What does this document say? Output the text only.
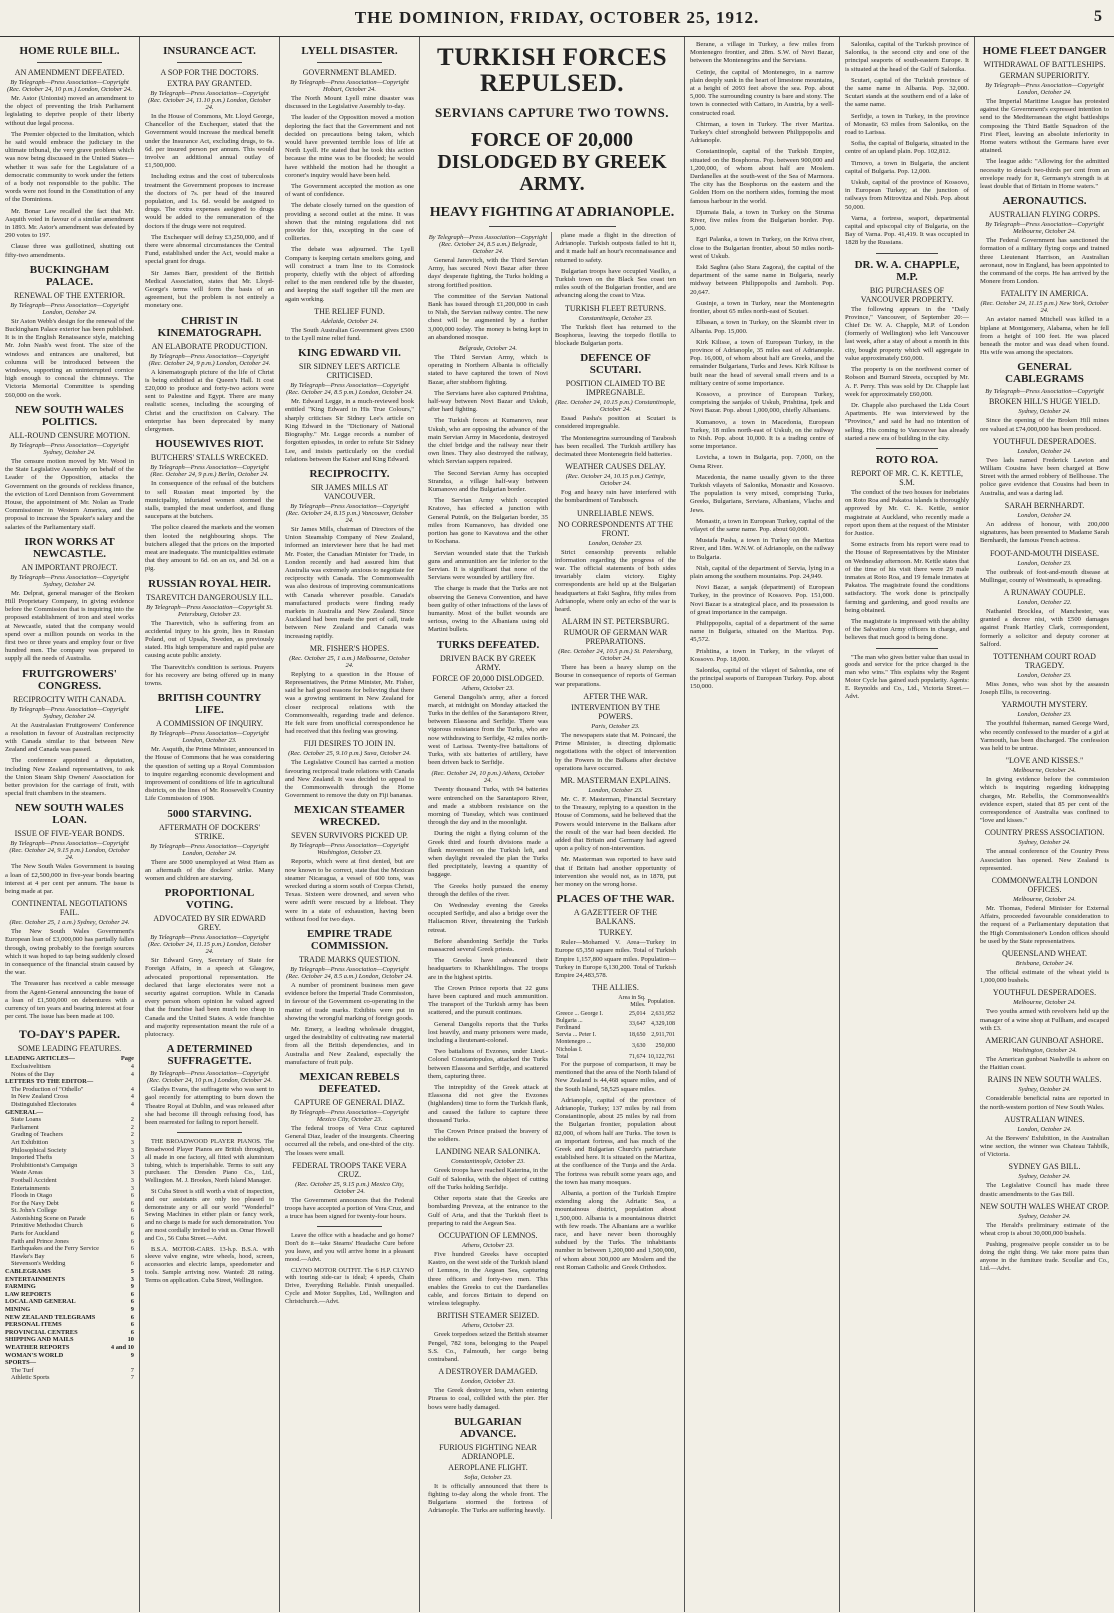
THE DOMINION, FRIDAY, OCTOBER 25, 1912.	5
HOME RULE BILL.
AN AMENDMENT DEFEATED.
By Telegraph—Press Association—Copyright (Rec. October 24, 10 p.m.) London, October 24.

Mr. Astor (Unionist) moved an amendment to the object of preventing the Irish Parliament legislating to deprive people of their liberty without due legal process.

The Premier objected to the limitation, which he said would embrace the judiciary in the ultimate tribunal, the very grave problem which was now being discussed in the United States—whether it was safe for the Legislature of a democratic community to work under the fetters of a body not responsible to the public. The words were not found in the Constitution of any of the Dominions.

Mr. Bonar Law recalled the fact that Mr. Asquith voted in favour of a similar amendment in 1893. Mr. Astor's amendment was defeated by 290 votes to 197.

Clause three was guillotined, shutting out fifty-two amendments.

BUCKINGHAM PALACE.
RENEWAL OF THE EXTERIOR.
By Telegraph—Press Association—Copyright London, October 24.

Sir Aston Webb's design for the renewal of the Buckingham Palace exterior has been published. It is in the English Renaissance style, matching Mr. John Nash's west front. The size of the windows and entrances are unaltered, but columns will be introduced between the windows, supporting an uninterrupted cornice high enough to conceal the chimneys. The Victoria Memorial Committee is spending £60,000 on the work.

NEW SOUTH WALES POLITICS.
ALL-ROUND CENSURE MOTION.
By Telegraph—Press Association—Copyright Sydney, October 24.

The censure motion moved by Mr. Wood in the State Legislative Assembly on behalf of the Leader of the Opposition, attacks the Government on the grounds of reckless finance, the eviction of Lord Dennison from Government House, the appointment of Mr. Nolan as Trade Commissioner in Western America, and the proposal to increase the Speaker's salary and the salaries of the Parliamentary staff.

IRON WORKS AT NEWCASTLE.
AN IMPORTANT PROJECT.
By Telegraph—Press Association—Copyright Sydney, October 24.

Mr. Delprat, general manager of the Broken Hill Proprietary Company, in giving evidence before the Commission that is inquiring into the proposed establishment of iron and steel works at Newcastle, stated that the company would spend over a million pounds on works in the first two or three years and employ four or five hundred men. The company was prepared to supply all the needs of Australia.

FRUITGROWERS' CONGRESS.
RECIPROCITY WITH CANADA.
By Telegraph—Press Association—Copyright Sydney, October 24.

At the Australasian Fruitgrowers' Conference a resolution in favour of Australian reciprocity with Canada similar to that between New Zealand and Canada was passed.

The conference appointed a deputation, including New Zealand representatives, to ask the Union Steam Ship Owners' Association for better provision for the carriage of fruit, with special fruit chambers in the steamers.

NEW SOUTH WALES LOAN.
ISSUE OF FIVE-YEAR BONDS.
By Telegraph—Press Association—Copyright (Rec. October 24, 9.15 p.m.) London, October 24.

The New South Wales Government is issuing a loan of £2,500,000 in five-year bonds bearing interest at 4 per cent per annum. The issue is being made at par.

CONTINENTAL NEGOTIATIONS FAIL.
(Rec. October 25, 1 a.m.) Sydney, October 24.

The New South Wales Government's European loan of £3,000,000 has partially fallen through, owing probably to the foreign sources which it was hoped to tap being suddenly closed in consequence of the financial strain caused by the war.

The Treasurer has received a cable message from the Agent-General announcing the issue of a loan of £1,500,000 on debentures with a currency of ten years and bearing interest at four per cent. The issue has been made at 100.

TO-DAY'S PAPER.
SOME LEADING FEATURES.
LEADING ARTICLES—	Page
Exclusivelitism	4
Notes of the Day	4
LETTERS TO THE EDITOR—
The Production of "Othello"	4
In New Zealand Cross	4
Distinguished Electorates	4
GENERAL—
State Loans	2
Parliament	2
Grading of Teachers	2
Art Exhibition	3
Philosophical Society	3
Imported Thefts	3
Prohibitionist's Campaign	3
Waste Areas	3
Football Accident	3
Entertainments	3
Floods in Otago	6
For the Navy Debt	6
St. John's College	6
Astonishing Scene on Parade	6
Primitive Methodist Church	6
Paris for Auckland	6
Faith and Prince Jones	6
Earthquakes and the Ferry Service	6
Hawke's Bay	6
Stevenson's Wedding	6
CABLEGRAMS	5
ENTERTAINMENTS	3
FARMING	9
LAW REPORTS	6
LOCAL AND GENERAL	6
MINING	9
NEW ZEALAND TELEGRAMS	6
PERSONAL ITEMS	6
PROVINCIAL CENTRES	6
SHIPPING AND MAILS	10
WEATHER REPORTS	4 and 10
WOMAN'S WORLD	9
SPORTS—
The Turf	7
Athletic Sports	7
INSURANCE ACT.
A SOP FOR THE DOCTORS.
EXTRA PAY GRANTED.
By Telegraph—Press Association—Copyright (Rec. October 24, 11.10 p.m.) London, October 24.

In the House of Commons, Mr. Lloyd George, Chancellor of the Exchequer, stated that the Government would increase the medical benefit under the Insurance Act, excluding drugs, to 6s. 6d. per insured person per annum. This would involve an additional annual outlay of £1,500,000.

Including extras and the cost of tuberculosis treatment the Government proposes to increase the doctors of 7s. per head of the insured population, and 1s. 6d. would be assigned to drugs. The extra expenses assigned to drugs would be added to the remuneration of the doctors if the drugs were not required.

The Exchequer will defray £3,250,000, and if there were abnormal circumstances the Central Fund, established under the Act, would make a special grant for drugs.

Sir James Barr, president of the British Medical Association, states that Mr. Lloyd-George's terms will form the basis of an agreement, but the problem is not entirely a monetary one.

CHRIST IN KINEMATOGRAPH.
AN ELABORATE PRODUCTION.
By Telegraph—Press Association—Copyright (Rec. October 24, 9 p.m.) London, October 24.

A kinematograph picture of the life of Christ is being exhibited at the Queen's Hall. It cost £20,000 to produce and forty-two actors were sent to Palestine and Egypt. There are many realistic scenes, including the scourging of Christ and the crucifixion on Calvary. The enterprise has been deprecated by many clergymen.

HOUSEWIVES RIOT.
BUTCHERS' STALLS WRECKED.
By Telegraph—Press Association—Copyright (Rec. October 24, 9 p.m.) Berlin, October 24.

In consequence of the refusal of the butchers to sell Russian meat imported by the municipality, infuriated women stormed the stalls, trampled the meat underfoot, and flung saucepans at the butchers.

The police cleared the markets and the women then looted the neighbouring shops. The butchers alleged that the prices on the imported meat are inadequate. The municipalities estimate that they amount to 6d. on an ox, and 3d. on a pig.

RUSSIAN ROYAL HEIR.
TSAREVITCH DANGEROUSLY ILL.
By Telegraph—Press Association—Copyright St. Petersburg, October 23.

The Tsarevitch, who is suffering from an accidental injury to his groin, lies in Russian Poland, out of Upsala, Sweden, as previously stated. His high temperature and rapid pulse are causing acute public anxiety.

The Tsarevitch's condition is serious. Prayers for his recovery are being offered up in many towns.

BRITISH COUNTRY LIFE.
A COMMISSION OF INQUIRY.
By Telegraph—Press Association—Copyright London, October 23.

Mr. Asquith, the Prime Minister, announced in the House of Commons that he was considering the question of setting up a Royal Commission to inquire regarding economic development and improvement of conditions of life in agricultural districts, on the lines of Mr. Roosevelt's Country Life Commission of 1908.

5000 STARVING.
AFTERMATH OF DOCKERS' STRIKE.
By Telegraph—Press Association—Copyright London, October 24.

There are 5000 unemployed at West Ham as an aftermath of the dockers' strike. Many women and children are starving.

PROPORTIONAL VOTING.
ADVOCATED BY SIR EDWARD GREY.
By Telegraph—Press Association—Copyright (Rec. October 24, 11.15 p.m.) London, October 24.

Sir Edward Grey, Secretary of State for Foreign Affairs, in a speech at Glasgow, advocated proportional representation. He declared that large electorates were not a security against corruption. While in Canada every person whom opinion he valued agreed that the franchise had been much too cheap in Canada and the United States. A wide franchise and majority representation meant the rule of a plutocracy.

A DETERMINED SUFFRAGETTE.
By Telegraph—Press Association—Copyright (Rec. October 24, 10 p.m.) London, October 24.

Gladys Evans, the suffragette who was sent to gaol recently for attempting to burn down the Theatre Royal at Dublin, and was released after she had become ill through refusing food, has been rearrested for failing to report herself.

THE BROADWOOD PLAYER PIANOS. The Broadwood Player Pianos are British throughout, all made in one factory, all fitted with aluminium tubing, which is imperishable. Terms to suit any purchaser. The Dresden Piano Co., Ltd., Wellington. M. J. Brookes, North Island Manager.

St Cuba Street is still worth a visit of inspection, and our assistants are only too pleased to demonstrate any or all our world "Wonderful" Sewing Machines in either plain or fancy work, and no charge is made for such demonstration. You are most cordially invited to visit us. Omar Howell and Co., 56 Cuba Street.—Advt.

B.S.A. MOTOR-CARS. 13-h.p. B.S.A. with sleeve valve engine, wire wheels, hood, screen, accessories and electric lamps, speedometer and tools. Sample arriving now. Wanted: 28 rating. Terms on application. Cuba Street, Wellington.

LYELL DISASTER.
GOVERNMENT BLAMED.
By Telegraph—Press Association—Copyright Hobart, October 24.

The North Mount Lyell mine disaster was discussed in the Legislative Assembly to-day.

The leader of the Opposition moved a motion deploring the fact that the Government and not decided on precautions being taken, which would have prevented terrible loss of life at North Lyell. He stated that he took this action because the mine was to be flooded; he would have withheld the motion had he thought a coroner's inquiry would have been held.

The Government accepted the motion as one of want of confidence.

The debate closely turned on the question of providing a second outlet at the mine. It was shown that the mining regulations did not provide for this, excepting in the case of collieries.

The debate was adjourned. The Lyell Company is keeping certain smelters going, and will construct a tram line to its Comstock property, chiefly with the object of affording relief to the men rendered idle by the disaster, and keeping the staff together till the men are again working.

THE RELIEF FUND.
Adelaide, October 24.

The South Australian Government gives £500 to the Lyell mine relief fund.

KING EDWARD VII.
SIR SIDNEY LEE'S ARTICLE CRITICISED.
By Telegraph—Press Association—Copyright (Rec. October 24, 8.5 p.m.) London, October 24.

Mr. Edward Legge, in a much-reviewed book entitled "King Edward in His True Colours," sharply criticises Sir Sidney Lee's article on King Edward in the "Dictionary of National Biography." Mr. Legge records a number of forgotten episodes, in order to refute Sir Sidney Lee, and insists particularly on the cordial relations between the Kaiser and King Edward.

RECIPROCITY.
SIR JAMES MILLS AT VANCOUVER.
By Telegraph—Press Association—Copyright (Rec. October 24, 8.15 p.m.) Vancouver, October 24.

Sir James Mills, chairman of Directors of the Union Steamship Company of New Zealand, informed an interviewer here that he had met Mr. Foster, the Canadian Minister for Trade, in London recently and had assured him that Australia was extremely anxious to negotiate for reciprocity with Canada. The Commonwealth was also desirous of improving communications with Canada wherever possible. Canada's manufactured products were finding ready markets in Australia and New Zealand. Since Auckland had been made the port of call, trade between New Zealand and Canada was increasing rapidly.

MR. FISHER'S HOPES.
(Rec. October 25, 1 a.m.) Melbourne, October 24.

Replying to a question in the House of Representatives, the Prime Minister, Mr. Fisher, said he had good reasons for believing that there was a growing sentiment in New Zealand for closer reciprocal relations with the Commonwealth, regarding trade and defence. He felt sure from unofficial correspondence he had received that this feeling was growing.

FIJI DESIRES TO JOIN IN.
(Rec. October 25, 9.10 p.m.) Suva, October 24.

The Legislative Council has carried a motion favouring reciprocal trade relations with Canada and New Zealand. It was decided to appeal to the Commonwealth through the Home Government to remove the duty on Fiji bananas.

MEXICAN STEAMER WRECKED.
SEVEN SURVIVORS PICKED UP.
By Telegraph—Press Association—Copyright Washington, October 23.

Reports, which were at first denied, but are now known to be correct, state that the Mexican steamer Nicaragua, a vessel of 600 tons, was wrecked during a storm south of Corpus Christi, Texas. Sixteen were drowned, and seven who were adrift were rescued by a lifeboat. They were in a state of exhaustion, having been without food for two days.

EMPIRE TRADE COMMISSION.
TRADE MARKS QUESTION.
By Telegraph—Press Association—Copyright (Rec. October 24, 8.5 a.m.) London, October 24.

A number of prominent business men gave evidence before the Imperial Trade Commission, in favour of the Government co-operating in the matter of trade marks. Exhibits were put in showing the wrongful marking of foreign goods.

Mr. Emery, a leading wholesale druggist, urged the desirability of cultivating raw material from all the British dependencies, and in Australia and New Zealand, especially the manufacture of fruit pulp.

MEXICAN REBELS DEFEATED.
CAPTURE OF GENERAL DIAZ.
By Telegraph—Press Association—Copyright Mexico City, October 23.

The federal troops of Vera Cruz captured General Diaz, leader of the insurgents. Cheering occurred all the rebels, and one-third of the city. The losses were small.

FEDERAL TROOPS TAKE VERA CRUZ.
(Rec. October 25, 9.15 p.m.) Mexico City, October 24.

The Government announces that the Federal troops have accepted a portion of Vera Cruz, and a truce has been signed for twenty-four hours.

Leave the office with a headache and go home? Don't do it—take Stearns' Headache Cure before you leave, and you will arrive home in a pleasant mood.—Advt.

CLYNO MOTOR OUTFIT. The 6 H.P. CLYNO with touring side-car is ideal; 4 speeds, Chain Drive, Everything Reliable. Finish unequalled. Cycle and Motor Supplies, Ltd., Wellington and Christchurch.—Advt.

TURKISH FORCES REPULSED.
SERVIANS CAPTURE TWO TOWNS.
FORCE OF 20,000 DISLODGED BY GREEK ARMY.
HEAVY FIGHTING AT ADRIANOPLE.
By Telegraph—Press Association—Copyright (Rec. October 24, 8.5 a.m.) Belgrade, October 24.

General Janovitch, with the Third Servian Army, has secured Novi Bazar after three days' desperate fighting, the Turks holding a strong fortified position.

The committee of the Servian National Bank has issued through £1,200,000 in cash to Nish, the Servian railway centre. The new chest will be augmented by a further 3,000,000 today. The money is being kept in an abandoned mosque.

Belgrade, October 24.

The Third Servian Army, which is operating in Northern Albania is officially stated to have captured the town of Novi Bazar, after stubborn fighting.

The Servians have also captured Prishtina, half-way between Novi Bazar and Uskub, after hard fighting.

The Turkish forces at Kumanovo, near Uskub, who are opposing the advance of the main Servian Army in Macedonia, destroyed the chief bridge and the railway near their own lines. They also destroyed the railway, which Servian sappers repaired.

The Second Servian Army has occupied Strandza, a village half-way between Kumanovo and the Bulgarian border.

The Servian Army which occupied Kratovo, has effected a junction with General Putnik, on the Bulgarian border, 35 miles from Kumanovo, has divided one portion has gone to Kavatova and the other to Kochana.

Servian wounded state that the Turkish guns and ammunition are far inferior to the Servian. It is significant that none of the Servians were wounded by artillery fire.

The charge is made that the Turks are not observing the Geneva Convention, and have been guilty of other infractions of the laws of humanity. Most of the bullet wounds are serious, owing to the Albanians using old Martini bullets.

TURKS DEFEATED.
DRIVEN BACK BY GREEK ARMY.
FORCE OF 20,000 DISLODGED.
Athens, October 23.

General Dangolis's army, after a forced march, at midnight on Monday attacked the Turks in the defiles of the Sarantaporo River, between Elassona and Serfidje. There was vigorous resistance from the Turks, who are now withdrawing to Serfidje, 42 miles north-west of Larissa. Twenty-five battalions of Turks, with six batteries of artillery, have been driven back to Serfidje.

(Rec. October 24, 10 p.m.) Athens, October 24.

Twenty thousand Turks, with 94 batteries were entrenched on the Sarantaporo River, and made a stubborn resistance on the morning of Tuesday, which was continued through the day and in the moonlight.

During the night a flying column of the Greek third and fourth divisions made a flank movement on the Turkish left, and when daylight revealed the plan the Turks fled precipitately, leaving a quantity of baggage.

The Greeks hotly pursued the enemy through the defiles of the river.

On Wednesday evening the Greeks occupied Serfidje, and also a bridge over the Haliacmon River, threatening the Turkish retreat.

Before abandoning Serfidje the Turks massacred several Greek priests.

The Greeks have advanced their headquarters to Khankhilingos. The troops are in the highest spirits.

The Crown Prince reports that 22 guns have been captured and much ammunition. The transport of the Turkish army has been scattered, and the pursuit continues.

General Dangolis reports that the Turks lost heavily, and many prisoners were made, including a lieutenant-colonel.

Two battalions of Evzones, under Lieut.-Colonel Constantopulos, attacked the Turks between Elassona and Serfidje, and scattered them, capturing three.

The intrepidity of the Greek attack at Elassona did not give the Evzones (highlanders) time to form the Turkish flank, and caused the failure to capture three thousand Turks.

The Crown Prince praised the bravery of the soldiers.

LANDING NEAR SALONIKA.
Constantinople, October 23.

Greek troops have reached Katerina, in the Gulf of Salonika, with the object of cutting off the Turks holding Serfidje.

Other reports state that the Greeks are bombarding Preveza, at the entrance to the Gulf of Arta, and that the Turkish fleet is preparing to raid the Aegean Sea.

OCCUPATION OF LEMNOS.
Athens, October 23.

Five hundred Greeks have occupied Kastro, on the west side of the Turkish island of Lemnos, in the Aegean Sea, capturing three officers and forty-two men. This enables the Greeks to cut the Dardanelles cable, and forces Britain to depend on wireless telegraphy.

BRITISH STEAMER SEIZED.
Athens, October 23.

Greek torpedoes seized the British steamer Pengel, 782 tons, belonging to the Peapel S.S. Co., Falmouth, her cargo being contraband.

A DESTROYER DAMAGED.
London, October 23.

The Greek destroyer Iera, when entering Piraeus to coal, collided with the pier. Her bows were badly damaged.

BULGARIAN ADVANCE.
FURIOUS FIGHTING NEAR ADRIANOPLE.
AEROPLANE FLIGHT.
Sofia, October 23.

It is officially announced that there is fighting to-day along the whole front. The Bulgarians stormed the fortress of Adrianople. The Turks are suffering heavily.

plane made a flight in the direction of Adrianople. Turkish outposts failed to hit it, and it made half an hour's reconnaissance and returned to safety.

Bulgarian troops have occupied Vasilko, a Turkish town on the Black Sea coast ten miles south of the Bulgarian frontier, and are advancing along the coast to Viza.

TURKISH FLEET RETURNS.
Constantinople, October 23.

The Turkish fleet has returned to the Bosphorus, leaving the torpedo flotilla to blockade Bulgarian ports.

DEFENCE OF SCUTARI.
POSITION CLAIMED TO BE IMPREGNABLE.
(Rec. October 24, 10.15 p.m.) Constantinople, October 24.

Essad Pasha's position at Scutari is considered impregnable.

The Montenegrins surrounding of Tarabosh has been recalled. The Turkish artillery has decimated three Montenegrin field batteries.

WEATHER CAUSES DELAY.
(Rec. October 24, 10.15 p.m.) Cetinje, October 24.

Fog and heavy rain have interfered with the bombardment of Tarabosch.

UNRELIABLE NEWS.
NO CORRESPONDENTS AT THE FRONT.
London, October 23.

Strict censorship prevents reliable information regarding the progress of the war. The official statements of both sides invariably claim victory. Eighty correspondents are held up at the Bulgarian headquarters at Eski Saghra, fifty miles from Adrianople, where only an echo of the war is heard.

ALARM IN ST. PETERSBURG.
RUMOUR OF GERMAN WAR PREPARATIONS.
(Rec. October 24, 10.5 p.m.) St. Petersburg, October 24.

There has been a heavy slump on the Bourse in consequence of reports of German war preparations.

AFTER THE WAR.
INTERVENTION BY THE POWERS.
Paris, October 23.

The newspapers state that M. Poincaré, the Prime Minister, is directing diplomatic negotiations with the object of intervention by the Powers in the Balkans after decisive operations have occurred.

MR. MASTERMAN EXPLAINS.
London, October 23.

Mr. C. F. Masterman, Financial Secretary to the Treasury, replying to a question in the House of Commons, said he believed that the Powers would intervene in the Balkans after the result of the war had been decided. He added that Britain and Germany had agreed upon a policy of non-intervention.

Mr. Masterman was reported to have said that if Britain had another opportunity of intervention she would not, as in 1878, put her money on the wrong horse.

PLACES OF THE WAR.
A GAZETTEER OF THE BALKANS.
TURKEY.

Ruler—Mohamed V. Area—Turkey in Europe 65,350 square miles. Total of Turkish Empire 1,157,800 square miles. Population—Turkey in Europe 6,130,200. Total of Turkish Empire 24,483,578.

THE ALLIES.
	Area in Sq. Miles.	Population.
Greece ... George I.	25,014	2,631,952
Bulgaria ... Ferdinand	33,647	4,329,108
Servia ... Peter I.	18,650	2,911,701
Montenegro ... Nicholas I.	3,630	250,000
Total	71,674	10,122,761

For the purpose of comparison, it may be mentioned that the area of the North Island of New Zealand is 44,468 square miles, and of the South Island, 58,525 square miles.

Adrianople, capital of the province of Adrianople, Turkey; 137 miles by rail from Constantinople, about 25 miles by rail from the Bulgarian frontier, population about 82,000, of whom half are Turks. The town is an important fortress, and has much of the Greek and Bulgarian Church's patriarchate established here. It is situated on the Maritza, at the confluence of the Tunja and the Arda. The fortress was rebuilt some years ago, and the town has many mosques.

Albania, a portion of the Turkish Empire extending along the Adriatic Sea, a mountainous district, population about 1,500,000. Albania is a mountainous district with few roads. The Albanians are a warlike race, and have never been thoroughly subdued by the Turks. The inhabitants number in between 1,200,000 and 1,500,000, of whom about 300,000 are Moslem and the rest Roman Catholic and Greek Orthodox.

Berane, a village in Turkey, a few miles from Montenegro frontier, and 28m. S.W. of Novi Bazar, between the Montenegrins and the Servians.

Cetinje, the capital of Montenegro, in a narrow plain deeply sunk in the heart of limestone mountains, at a height of 2093 feet above the sea. Pop. about 5,000. The surrounding country is bare and stony. The town is connected with Cattaro, in Austria, by a well-constructed road.

Chirman, a town in Turkey. The river Maritza. Turkey's chief stronghold between Philippopolis and Adrianople.

Constantinople, capital of the Turkish Empire, situated on the Bosphorus. Pop. between 900,000 and 1,200,000, of whom about half are Moslem. Dardanelles at the south-west of the Sea of Marmora. The city has the Bosphorus on the eastern and the Golden Horn on the northern sides, forming the most famous harbour in the world.

Djumaia Bala, a town in Turkey on the Struma River, five miles from the Bulgarian border. Pop. 5,000.

Egri Palanka, a town in Turkey, on the Kriva river, close to the Bulgarian frontier, about 50 miles north-west of Uskub.

Eski Saghra (also Stara Zagora), the capital of the department of the same name in Bulgaria, nearly midway between Philippopolis and Jamboli. Pop. 20,647.

Gusinje, a town in Turkey, near the Montenegrin frontier, about 65 miles north-east of Scutari.

Elbasan, a town in Turkey, on the Skumbi river in Albania. Pop. 15,000.

Kirk Kilisse, a town of European Turkey, in the province of Adrianople, 35 miles east of Adrianople. Pop. 16,000, of whom about half are Greeks, and the remainder Bulgarians, Turks and Jews. Kirk Kilisse is built near the head of several small rivers and is a military centre of some importance.

Kossovo, a province of European Turkey, comprising the sanjaks of Uskub, Prishtina, Ipek and Novi Bazar. Pop. about 1,000,000, chiefly Albanians.

Kumanovo, a town in Macedonia, European Turkey, 18 miles north-east of Uskub, on the railway to Nish. Pop. about 10,000. It is a trading centre of some importance.

Lovtcha, a town in Bulgaria, pop. 7,000, on the Osma River.

Macedonia, the name usually given to the three Turkish vilayets of Salonika, Monastir and Kossovo. The population is very mixed, comprising Turks, Greeks, Bulgarians, Servians, Albanians, Vlachs and Jews.

Monastir, a town in European Turkey, capital of the vilayet of the same name. Pop. about 60,000.

Mustafa Pasha, a town in Turkey on the Maritza River, and 18m. W.N.W. of Adrianople, on the railway to Bulgaria.

Nish, capital of the department of Servia, lying in a plain among the southern mountains. Pop. 24,949.

Novi Bazar, a sanjak (department) of European Turkey, in the province of Kossovo. Pop. 151,000. Novi Bazar is a strategical place, and its possession is of great importance in the campaign.

Philippopolis, capital of a department of the same name in Bulgaria, situated on the Maritza. Pop. 45,572.

Prishtina, a town in Turkey, in the vilayet of Kossovo. Pop. 18,000.

Salonika, capital of the vilayet of Salonika, one of the principal seaports of European Turkey. Pop. about 150,000.

Salonika, capital of the Turkish province of Salonika, is the second city and one of the principal seaports of south-eastern Europe. It is situated at the head of the Gulf of Salonika.

Scutari, capital of the Turkish province of the same name in Albania. Pop. 32,000. Scutari stands at the southern end of a lake of the same name.

Serfidje, a town in Turkey, in the province of Monastir, 63 miles from Salonika, on the road to Larissa.

Sofia, the capital of Bulgaria, situated in the centre of an upland plain. Pop. 102,812.

Tirnovo, a town in Bulgaria, the ancient capital of Bulgaria. Pop. 12,000.

Uskub, capital of the province of Kossovo, in European Turkey; at the junction of railways from Mitrovitza and Nish. Pop. about 50,000.

Varna, a fortress, seaport, departmental capital and episcopal city of Bulgaria, on the Bay of Varna. Pop. 41,419. It was occupied in 1828 by the Russians.

DR. W. A. CHAPPLE, M.P.
BIG PURCHASES OF VANCOUVER PROPERTY.

The following appears in the "Daily Province," Vancouver, of September 20:—Chief Dr. W. A. Chapple, M.P. of London (formerly of Wellington) who left Vancouver last week, after a stay of about a month in this city, bought property which will aggregate in value approximately £60,000.

The property is on the northwest corner of Robson and Burrard Streets, occupied by Mr. A. F. Perry. This was sold by Dr. Chapple last week for approximately £60,000.

Dr. Chapple also purchased the Lida Court Apartments. He was interviewed by the "Province," and said he had no intention of selling. His coming to Vancouver has already started a new era of building in the city.

ROTO ROA.
REPORT OF MR. C. K. KETTLE, S.M.

The conduct of the two houses for inebriates on Roto Roa and Pakatoa islands is thoroughly approved by Mr. C. K. Kettle, senior magistrate at Auckland, who recently made a report upon them at the request of the Minister for Justice.

Some extracts from his report were read to the House of Representatives by the Minister on Wednesday afternoon. Mr. Kettle states that of the time of his visit there were 29 male inmates at Roto Roa, and 19 female inmates at Pakatoa. The magistrate found the conditions satisfactory. The work done is principally farming and gardening, and good results are being obtained.

The magistrate is impressed with the ability of the Salvation Army officers in charge, and believes that much good is being done.

"The man who gives better value than usual in goods and service for the price charged is the man who wins." This explains why the Regent Motor Cycle has gained such popularity. Agents: E. Reynolds and Co., Ltd., Victoria Street.—Advt.

HOME FLEET DANGER
WITHDRAWAL OF BATTLESHIPS.
GERMAN SUPERIORITY.
By Telegraph—Press Association—Copyright London, October 24.

The Imperial Maritime League has protested against the Government's expressed intention to send to the Mediterranean the eight battleships composing the Third Battle Squadron of the First Fleet, leaving an absolute inferiority in Home waters without the Germans have ever attained.

The league adds: "Allowing for the admitted necessity to detach two-thirds per cent from an envelope ready for it, Germany's strength is at least double that of Britain in Home waters."

AERONAUTICS.
AUSTRALIAN FLYING CORPS.
By Telegraph—Press Association—Copyright Melbourne, October 24.

The Federal Government has sanctioned the formation of a military flying corps and trained three Lieutenant Harrison, an Australian aeronaut, now in England, has been appointed to the command of the corps. He has arrived by the Monere from London.

FATALITY IN AMERICA.
(Rec. October 24, 11.15 p.m.) New York, October 24.

An aviator named Mitchell was killed in a biplane at Montgomery, Alabama, when he fell from a height of 100 feet. He was placed beneath the motor and was dead when found. His wife was among the spectators.

GENERAL CABLEGRAMS
By Telegraph—Press Association—Copyright
BROKEN HILL'S HUGE YIELD.
Sydney, October 24.

Since the opening of the Broken Hill mines ore valued at £74,000,000 has been produced.

YOUTHFUL DESPERADOES.
London, October 24.

Two lads named Frederick Lawton and William Cousins have been charged at Bow Street with the armed robbery of Bellhouse. The police gave evidence that Cousins had been in Australia, and was a daring lad.

SARAH BERNHARDT.
London, October 24.

An address of honour, with 200,000 signatures, has been presented to Madame Sarah Bernhardt, the famous French actress.

FOOT-AND-MOUTH DISEASE.
London, October 23.

The outbreak of foot-and-mouth disease at Mullingar, county of Westmeath, is spreading.

A RUNAWAY COUPLE.
London, October 22.

Nathaniel Brocklea, of Manchester, was granted a decree nisi, with £500 damages against Frank Hartley Clark, correspondent, formerly a solicitor and deputy coroner at Salford.

TOTTENHAM COURT ROAD TRAGEDY.
London, October 23.

Miss Jones, who was shot by the assassin Joseph Ellis, is recovering.

YARMOUTH MYSTERY.
London, October 23.

The youthful fisherman, named George Ward, who recently confessed to the murder of a girl at Yarmouth, has been discharged. The confession was held to be untrue.

"LOVE AND KISSES."
Melbourne, October 24.

In giving evidence before the commission which is inquiring regarding kidnapping charges, Mr. Rebellis, the Commonwealth's evidence expert, stated that 85 per cent of the correspondence of Australia was confined to "love and kisses."

COUNTRY PRESS ASSOCIATION.
Sydney, October 24.

The annual conference of the Country Press Association has opened. New Zealand is represented.

COMMONWEALTH LONDON OFFICES.
Melbourne, October 24.

Mr. Thomas, Federal Minister for External Affairs, proceeded favourable consideration to the request of a Parliamentary deputation that the High Commissioner's London offices should be used by the State representatives.

QUEENSLAND WHEAT.
Brisbane, October 24.

The official estimate of the wheat yield is 1,000,000 bushels.

YOUTHFUL DESPERADOES.
Melbourne, October 24.

Two youths armed with revolvers held up the manager of a wine shop at Fullham, and escaped with £3.

AMERICAN GUNBOAT ASHORE.
Washington, October 24.

The American gunboat Nashville is ashore on the Haitian coast.

RAINS IN NEW SOUTH WALES.
Sydney, October 24.

Considerable beneficial rains are reported in the north-western portion of New South Wales.

AUSTRALIAN WINES.
London, October 24.

At the Brewers' Exhibition, in the Australian wine section, the winner was Chateau Tahbilk, of Victoria.

SYDNEY GAS BILL.
Sydney, October 24.

The Legislative Council has made three drastic amendments to the Gas Bill.

NEW SOUTH WALES WHEAT CROP.
Sydney, October 24.

The Herald's preliminary estimate of the wheat crop is about 30,000,000 bushels.

Pushing, progressive people consider us to be doing the right thing. We take more pains than anyone in the furniture trade. Scoullar and Co., Ltd.—Advt.
